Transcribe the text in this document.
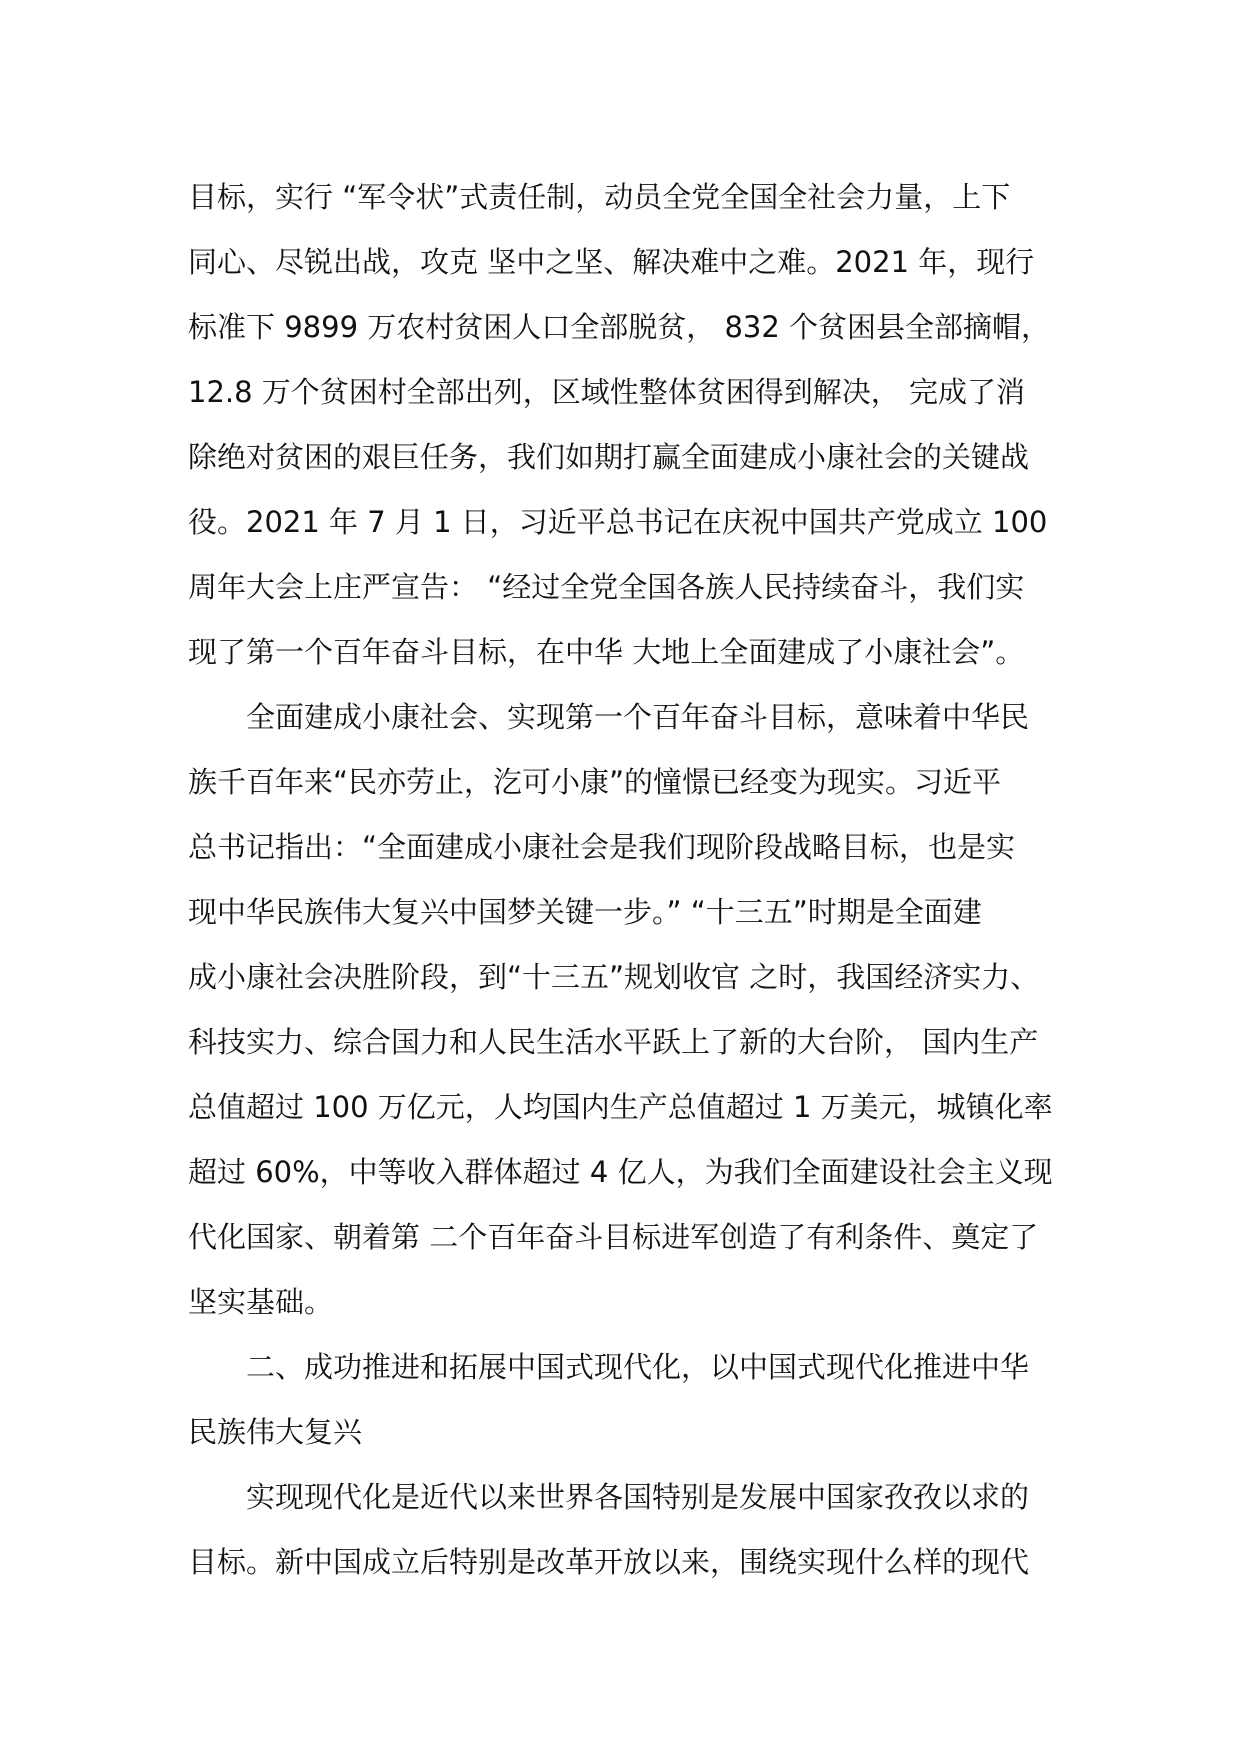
目标，实行 “军令状”式责任制，动员全党全国全社会力量，上下
同心、尽锐出战，攻克 坚中之坚、解决难中之难。2021 年，现行
标准下 9899 万农村贫困人口全部脱贫， 832 个贫困县全部摘帽，
12.8 万个贫困村全部出列，区域性整体贫困得到解决， 完成了消
除绝对贫困的艰巨任务，我们如期打赢全面建成小康社会的关键战
役。2021 年 7 月 1 日，习近平总书记在庆祝中国共产党成立 100
周年大会上庄严宣告： “经过全党全国各族人民持续奋斗，我们实
现了第一个百年奋斗目标，在中华 大地上全面建成了小康社会”。
全面建成小康社会、实现第一个百年奋斗目标，意味着中华民
族千百年来“民亦劳止，汔可小康”的憧憬已经变为现实。习近平
总书记指出：“全面建成小康社会是我们现阶段战略目标，也是实
现中华民族伟大复兴中国梦关键一步。” “十三五”时期是全面建
成小康社会决胜阶段，到“十三五”规划收官 之时，我国经济实力、
科技实力、综合国力和人民生活水平跃上了新的大台阶， 国内生产
总值超过 100 万亿元，人均国内生产总值超过 1 万美元，城镇化率
超过 60%，中等收入群体超过 4 亿人，为我们全面建设社会主义现
代化国家、朝着第 二个百年奋斗目标进军创造了有利条件、奠定了
坚实基础。
二、成功推进和拓展中国式现代化，以中国式现代化推进中华
民族伟大复兴
实现现代化是近代以来世界各国特别是发展中国家孜孜以求的
目标。新中国成立后特别是改革开放以来，围绕实现什么样的现代
